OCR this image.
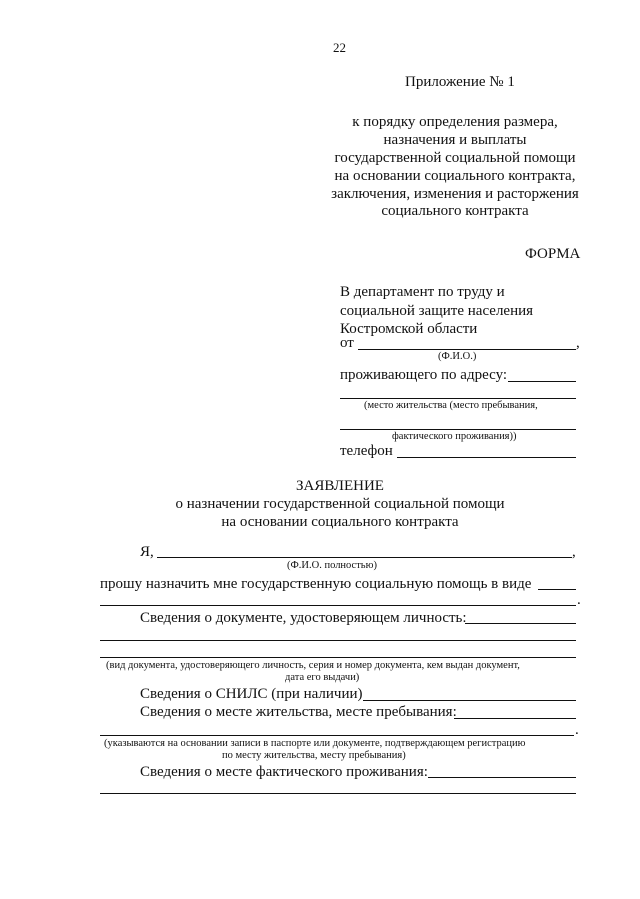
22
Приложение № 1
к порядку определения размера,
назначения и выплаты
государственной социальной помощи
на основании социального контракта,
заключения, изменения и расторжения
социального контракта
ФОРМА
В департамент по труду и
социальной защите населения
Костромской области
от	,
(Ф.И.О.)
проживающего по адресу:
(место жительства (место пребывания,
фактического проживания))
телефон
ЗАЯВЛЕНИЕ
о назначении государственной социальной помощи
на основании социального контракта
Я,	,
(Ф.И.О. полностью)
прошу назначить мне государственную социальную помощь в виде
.
Сведения о документе, удостоверяющем личность:
(вид документа, удостоверяющего личность, серия и номер документа, кем выдан документ,
дата его выдачи)
Сведения о СНИЛС (при наличии)
Сведения о месте жительства, месте пребывания:
.
(указываются на основании записи в паспорте или документе, подтверждающем регистрацию
по месту жительства, месту пребывания)
Сведения о месте фактического проживания:
